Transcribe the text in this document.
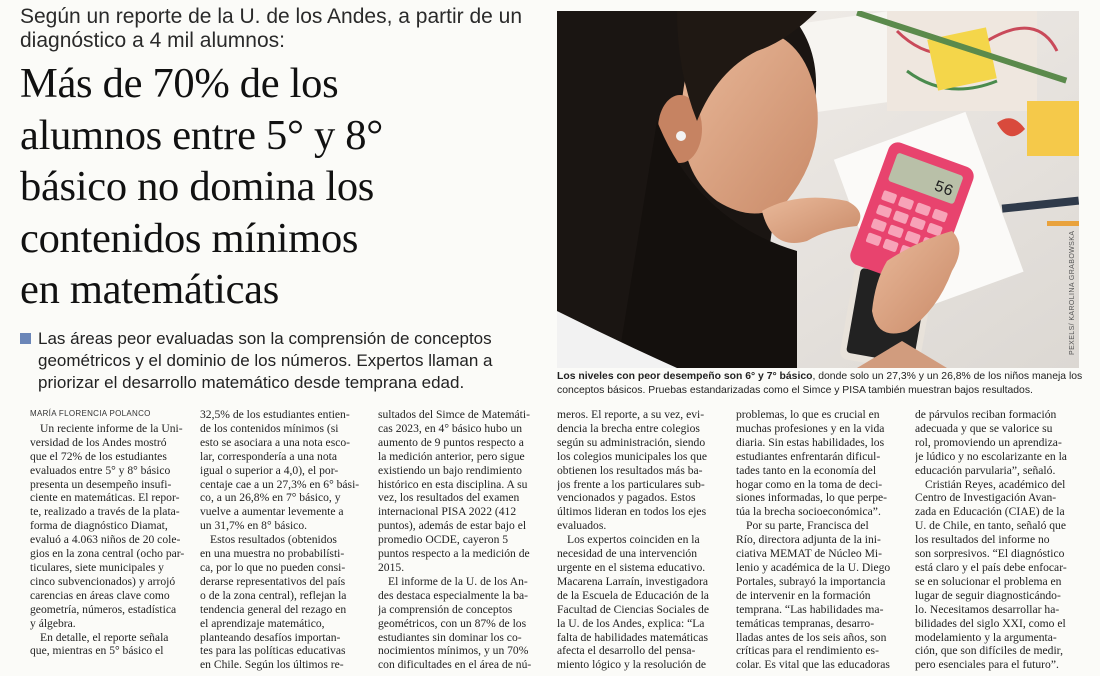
Según un reporte de la U. de los Andes, a partir de un
diagnóstico a 4 mil alumnos:
Más de 70% de los
alumnos entre 5° y 8°
básico no domina los
contenidos mínimos
en matemáticas
Las áreas peor evaluadas son la comprensión de conceptos
geométricos y el dominio de los números. Expertos llaman a
priorizar el desarrollo matemático desde temprana edad.
56
PEXELS/ KAROLINA GRABOWSKA
Los niveles con peor desempeño son 6° y 7° básico, donde solo un 27,3% y un 26,8% de los niños maneja los
conceptos básicos. Pruebas estandarizadas como el Simce y PISA también muestran bajos resultados.
MARÍA FLORENCIA POLANCO

Un reciente informe de la Uni-
versidad de los Andes mostró
que el 72% de los estudiantes
evaluados entre 5° y 8° básico
presenta un desempeño insufi-
ciente en matemáticas. El repor-
te, realizado a través de la plata-
forma de diagnóstico Diamat,
evaluó a 4.063 niños de 20 cole-
gios en la zona central (ocho par-
ticulares, siete municipales y
cinco subvencionados) y arrojó
carencias en áreas clave como
geometría, números, estadística
y álgebra.
En detalle, el reporte señala
que, mientras en 5° básico el
32,5% de los estudiantes entien-
de los contenidos mínimos (si
esto se asociara a una nota esco-
lar, correspondería a una nota
igual o superior a 4,0), el por-
centaje cae a un 27,3% en 6° bási-
co, a un 26,8% en 7° básico, y
vuelve a aumentar levemente a
un 31,7% en 8° básico.
Estos resultados (obtenidos
en una muestra no probabilísti-
ca, por lo que no pueden consi-
derarse representativos del país
o de la zona central), reflejan la
tendencia general del rezago en
el aprendizaje matemático,
planteando desafíos importan-
tes para las políticas educativas
en Chile. Según los últimos re-
sultados del Simce de Matemáti-
cas 2023, en 4° básico hubo un
aumento de 9 puntos respecto a
la medición anterior, pero sigue
existiendo un bajo rendimiento
histórico en esta disciplina. A su
vez, los resultados del examen
internacional PISA 2022 (412
puntos), además de estar bajo el
promedio OCDE, cayeron 5
puntos respecto a la medición de
2015.
El informe de la U. de los An-
des destaca especialmente la ba-
ja comprensión de conceptos
geométricos, con un 87% de los
estudiantes sin dominar los co-
nocimientos mínimos, y un 70%
con dificultades en el área de nú-
meros. El reporte, a su vez, evi-
dencia la brecha entre colegios
según su administración, siendo
los colegios municipales los que
obtienen los resultados más ba-
jos frente a los particulares sub-
vencionados y pagados. Estos
últimos lideran en todos los ejes
evaluados.
Los expertos coinciden en la
necesidad de una intervención
urgente en el sistema educativo.
Macarena Larraín, investigadora
de la Escuela de Educación de la
Facultad de Ciencias Sociales de
la U. de los Andes, explica: “La
falta de habilidades matemáticas
afecta el desarrollo del pensa-
miento lógico y la resolución de
problemas, lo que es crucial en
muchas profesiones y en la vida
diaria. Sin estas habilidades, los
estudiantes enfrentarán dificul-
tades tanto en la economía del
hogar como en la toma de deci-
siones informadas, lo que perpe-
túa la brecha socioeconómica”.
Por su parte, Francisca del
Río, directora adjunta de la ini-
ciativa MEMAT de Núcleo Mi-
lenio y académica de la U. Diego
Portales, subrayó la importancia
de intervenir en la formación
temprana. “Las habilidades ma-
temáticas tempranas, desarro-
lladas antes de los seis años, son
críticas para el rendimiento es-
colar. Es vital que las educadoras
de párvulos reciban formación
adecuada y que se valorice su
rol, promoviendo un aprendiza-
je lúdico y no escolarizante en la
educación parvularia”, señaló.
Cristián Reyes, académico del
Centro de Investigación Avan-
zada en Educación (CIAE) de la
U. de Chile, en tanto, señaló que
los resultados del informe no
son sorpresivos. “El diagnóstico
está claro y el país debe enfocar-
se en solucionar el problema en
lugar de seguir diagnosticándo-
lo. Necesitamos desarrollar ha-
bilidades del siglo XXI, como el
modelamiento y la argumenta-
ción, que son difíciles de medir,
pero esenciales para el futuro”.
